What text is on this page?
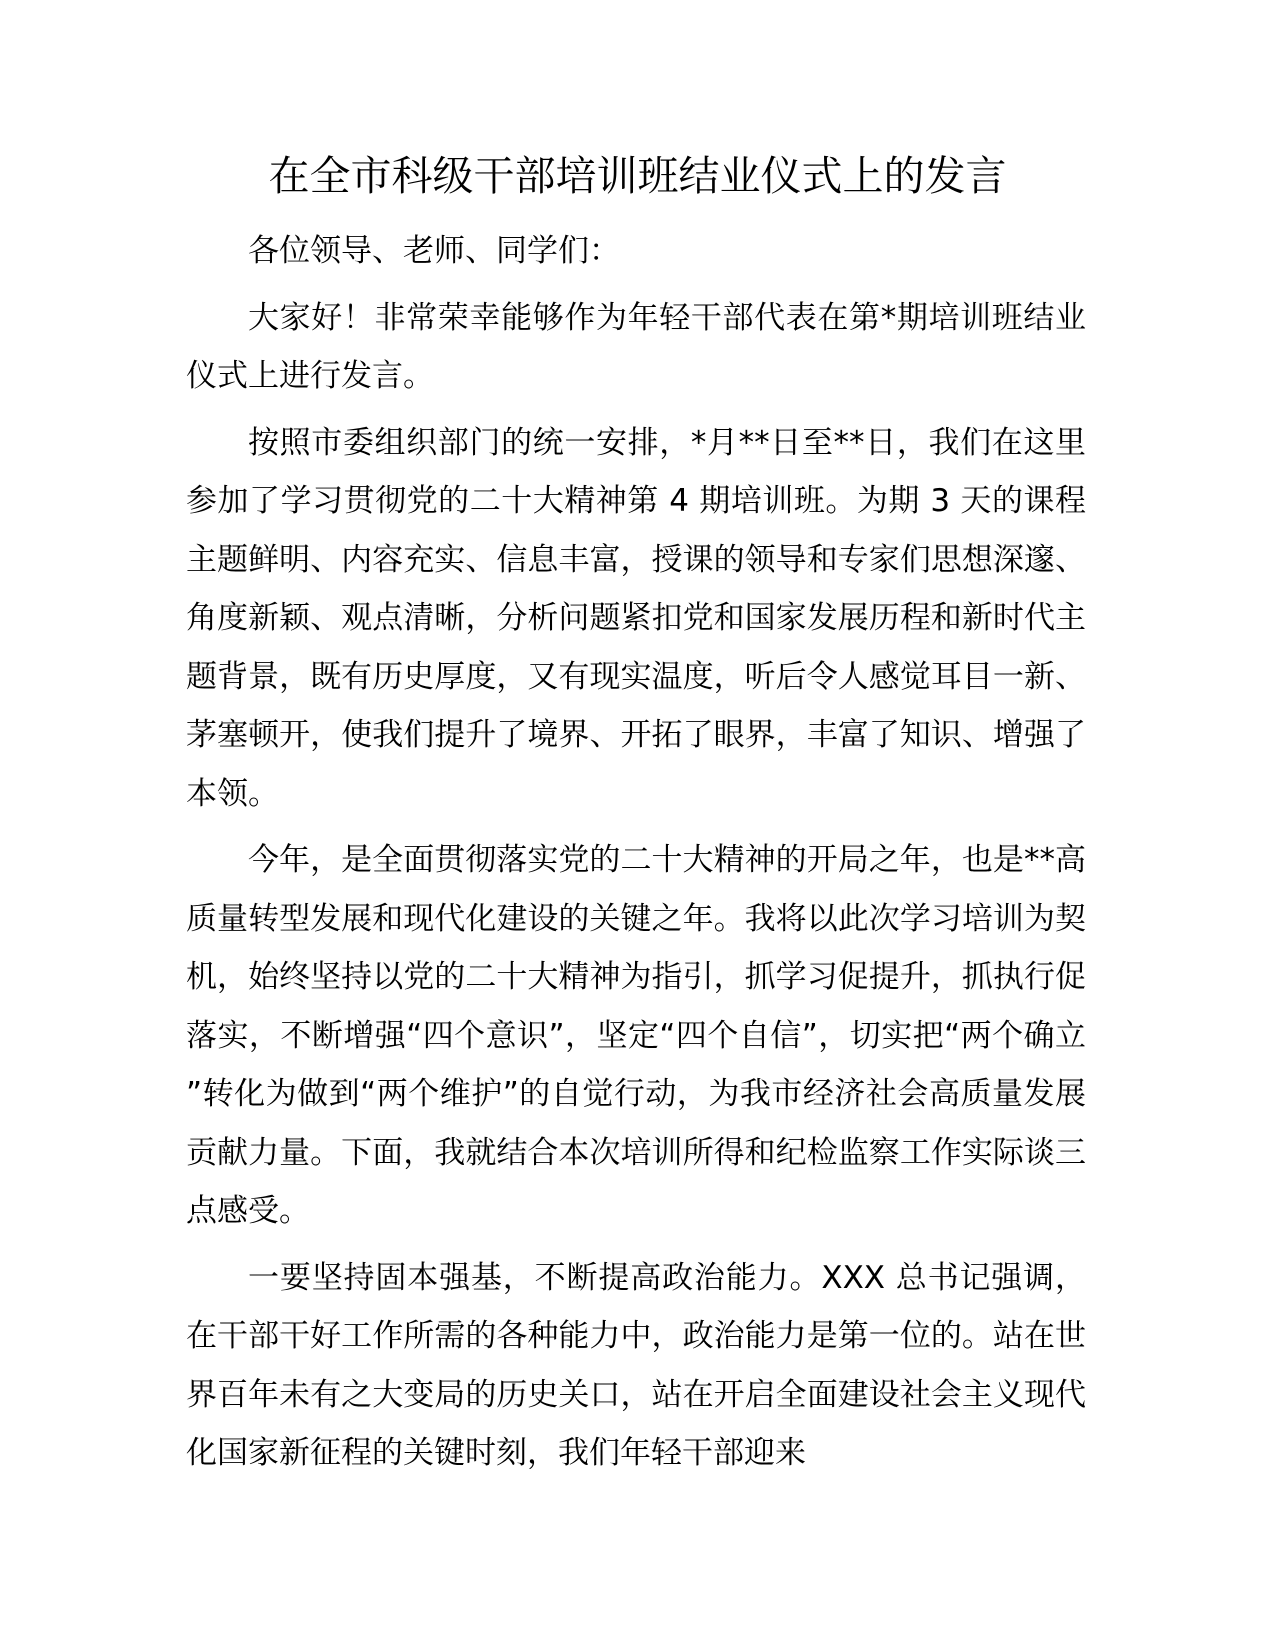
在全市科级干部培训班结业仪式上的发言

各位领导、老师、同学们：

大家好！非常荣幸能够作为年轻干部代表在第*期培训班结业仪式上进行发言。

按照市委组织部门的统一安排，*月**日至**日，我们在这里参加了学习贯彻党的二十大精神第 4 期培训班。为期 3 天的课程主题鲜明、内容充实、信息丰富，授课的领导和专家们思想深邃、角度新颖、观点清晰，分析问题紧扣党和国家发展历程和新时代主题背景，既有历史厚度，又有现实温度，听后令人感觉耳目一新、茅塞顿开，使我们提升了境界、开拓了眼界，丰富了知识、增强了本领。

今年，是全面贯彻落实党的二十大精神的开局之年，也是**高质量转型发展和现代化建设的关键之年。我将以此次学习培训为契机，始终坚持以党的二十大精神为指引，抓学习促提升，抓执行促落实，不断增强“四个意识”，坚定“四个自信”，切实把“两个确立”转化为做到“两个维护”的自觉行动，为我市经济社会高质量发展贡献力量。下面，我就结合本次培训所得和纪检监察工作实际谈三点感受。

一要坚持固本强基，不断提高政治能力。XXX 总书记强调，在干部干好工作所需的各种能力中，政治能力是第一位的。站在世界百年未有之大变局的历史关口，站在开启全面建设社会主义现代化国家新征程的关键时刻，我们年轻干部迎来
